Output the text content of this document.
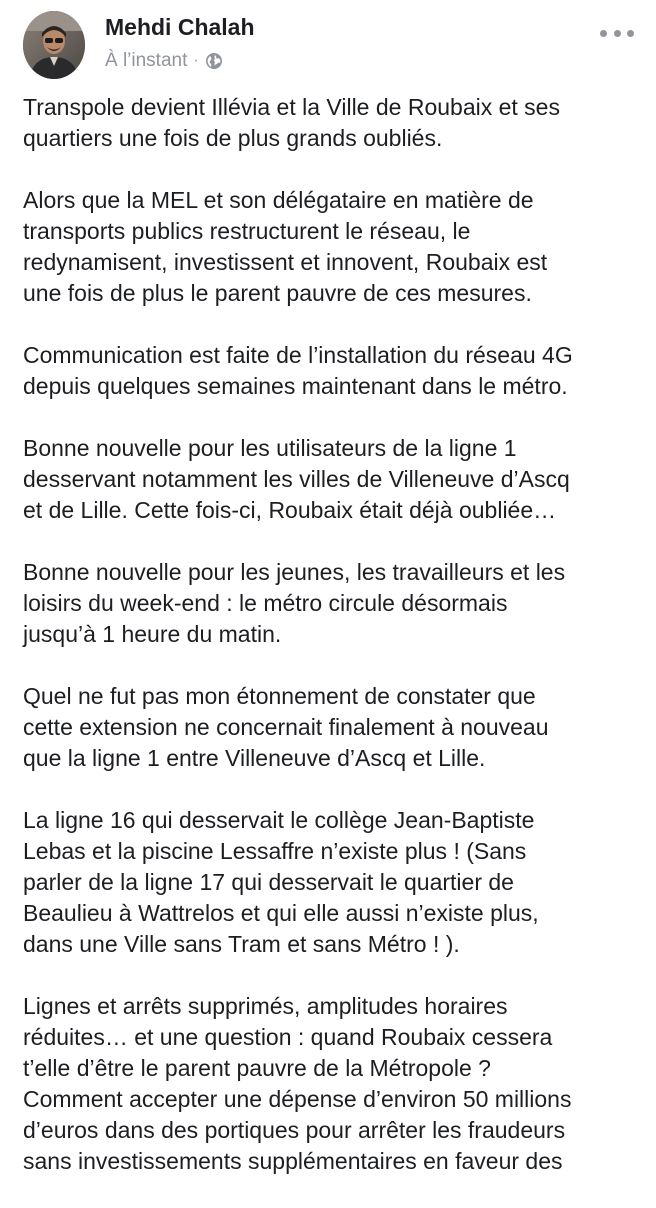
Mehdi Chalah
À l’instant ·

Transpole devient Illévia et la Ville de Roubaix et ses
quartiers une fois de plus grands oubliés.

Alors que la MEL et son délégataire en matière de
transports publics restructurent le réseau, le
redynamisent, investissent et innovent, Roubaix est
une fois de plus le parent pauvre de ces mesures.

Communication est faite de l’installation du réseau 4G
depuis quelques semaines maintenant dans le métro.

Bonne nouvelle pour les utilisateurs de la ligne 1
desservant notamment les villes de Villeneuve d’Ascq
et de Lille. Cette fois-ci, Roubaix était déjà oubliée…

Bonne nouvelle pour les jeunes, les travailleurs et les
loisirs du week-end : le métro circule désormais
jusqu’à 1 heure du matin.

Quel ne fut pas mon étonnement de constater que
cette extension ne concernait finalement à nouveau
que la ligne 1 entre Villeneuve d’Ascq et Lille.

La ligne 16 qui desservait le collège Jean-Baptiste
Lebas et la piscine Lessaffre n’existe plus ! (Sans
parler de la ligne 17 qui desservait le quartier de
Beaulieu à Wattrelos et qui elle aussi n’existe plus,
dans une Ville sans Tram et sans Métro ! ).

Lignes et arrêts supprimés, amplitudes horaires
réduites… et une question : quand Roubaix cessera
t’elle d’être le parent pauvre de la Métropole ?
Comment accepter une dépense d’environ 50 millions
d’euros dans des portiques pour arrêter les fraudeurs
sans investissements supplémentaires en faveur des
